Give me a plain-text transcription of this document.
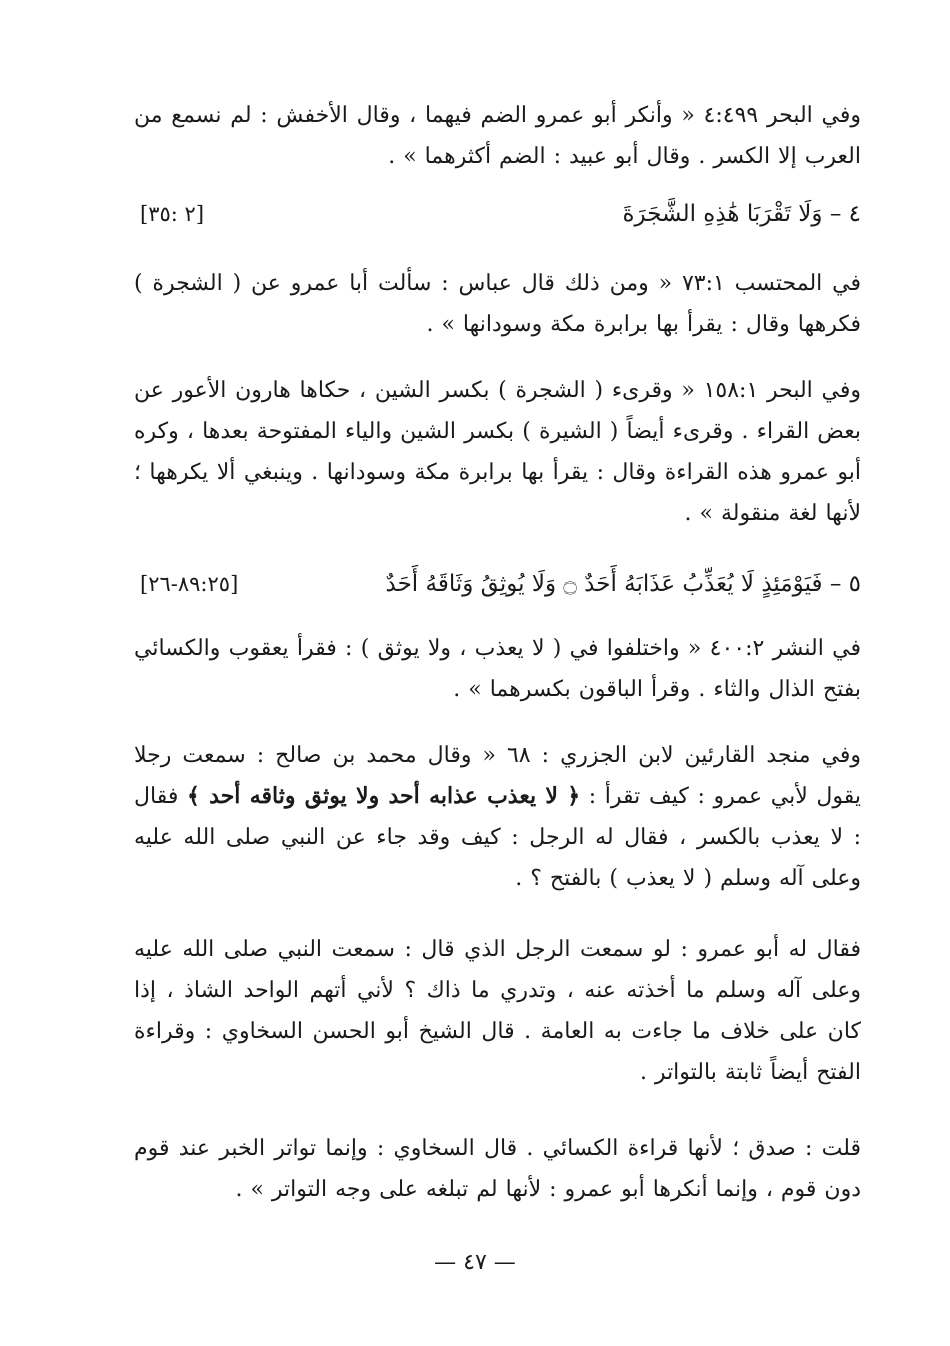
وفي البحر ٤:٤٩٩ « وأنكر أبو عمرو الضم فيهما ، وقال الأخفش : لم نسمع من العرب إلا الكسر . وقال أبو عبيد : الضم أكثرهما » .

٤ – وَلَا تَقْرَبَا هَٰذِهِ الشَّجَرَةَ
[٢ :٣٥]

في المحتسب ٧٣:١ « ومن ذلك قال عباس : سألت أبا عمرو عن ( الشجرة ) فكرهها وقال : يقرأ بها برابرة مكة وسودانها » .

وفي البحر ١٥٨:١ « وقرىء ( الشجرة ) بكسر الشين ، حكاها هارون الأعور عن بعض القراء . وقرىء أيضاً ( الشيرة ) بكسر الشين والياء المفتوحة بعدها ، وكره أبو عمرو هذه القراءة وقال : يقرأ بها برابرة مكة وسودانها . وينبغي ألا يكرهها ؛ لأنها لغة منقولة » .

٥ – فَيَوْمَئِذٍ لَا يُعَذِّبُ عَذَابَهُ أَحَدٌ ۝ وَلَا يُوثِقُ وَثَاقَهُ أَحَدٌ
[٨٩:٢٥-٢٦]

في النشر ٤٠٠:٢ « واختلفوا في ( لا يعذب ، ولا يوثق ) : فقرأ يعقوب والكسائي بفتح الذال والثاء . وقرأ الباقون بكسرهما » .

وفي منجد القارئين لابن الجزري : ٦٨ « وقال محمد بن صالح : سمعت رجلا يقول لأبي عمرو : كيف تقرأ : ﴿ لا يعذب عذابه أحد ولا يوثق وثاقه أحد ﴾ فقال : لا يعذب بالكسر ، فقال له الرجل : كيف وقد جاء عن النبي صلى الله عليه وعلى آله وسلم ( لا يعذب ) بالفتح ؟ .

فقال له أبو عمرو : لو سمعت الرجل الذي قال : سمعت النبي صلى الله عليه وعلى آله وسلم ما أخذته عنه ، وتدري ما ذاك ؟ لأني أتهم الواحد الشاذ ، إذا كان على خلاف ما جاءت به العامة . قال الشيخ أبو الحسن السخاوي : وقراءة الفتح أيضاً ثابتة بالتواتر .

قلت : صدق ؛ لأنها قراءة الكسائي . قال السخاوي : وإنما تواتر الخبر عند قوم دون قوم ، وإنما أنكرها أبو عمرو : لأنها لم تبلغه على وجه التواتر » .

— ٤٧ —
